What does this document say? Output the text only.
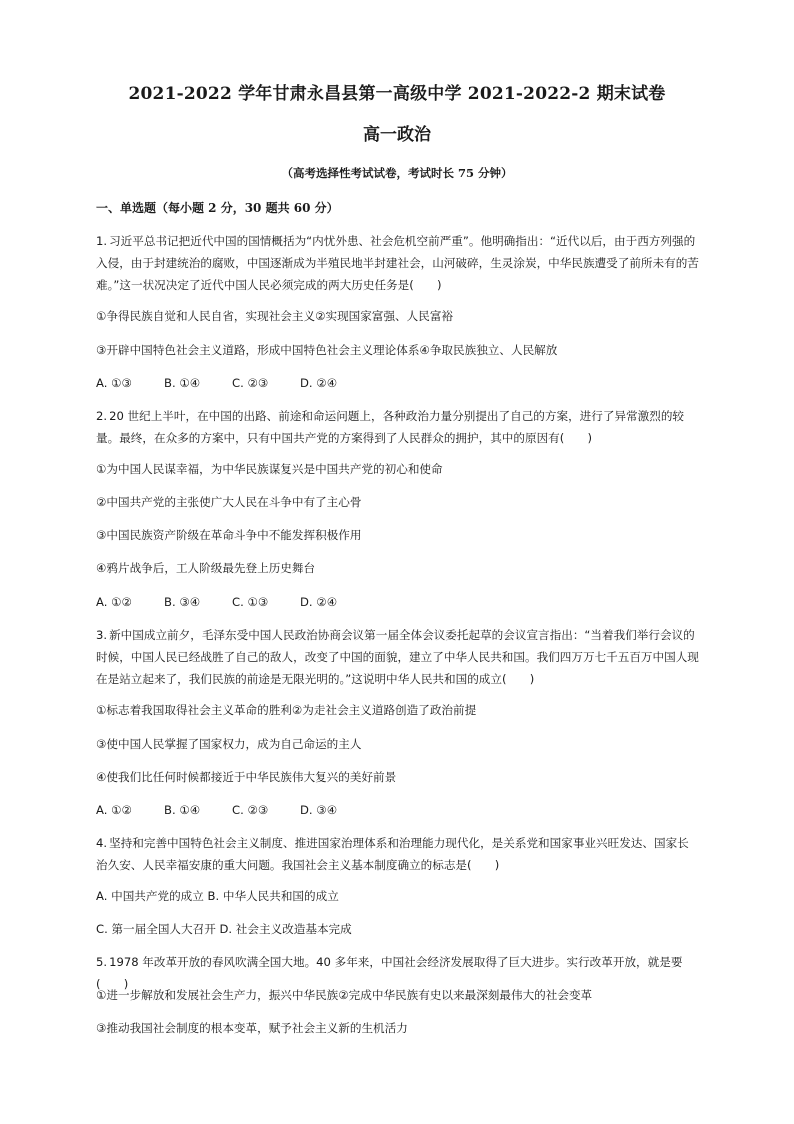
2021-2022 学年甘肃永昌县第一高级中学 2021-2022-2 期末试卷
高一政治
（高考选择性考试试卷，考试时长 75 分钟）
一、单选题（每小题 2 分，30 题共 60 分）

1. 习近平总书记把近代中国的国情概括为“内忧外患、社会危机空前严重”。他明确指出：“近代以后，由于西方列强的入侵，由于封建统治的腐败，中国逐渐成为半殖民地半封建社会，山河破碎，生灵涂炭，中华民族遭受了前所未有的苦难。”这一状况决定了近代中国人民必须完成的两大历史任务是(　　)

①争得民族自觉和人民自省，实现社会主义②实现国家富强、人民富裕
③开辟中国特色社会主义道路，形成中国特色社会主义理论体系④争取民族独立、人民解放
A. ①③	B. ①④	C. ②③	D. ②④

2. 20 世纪上半叶，在中国的出路、前途和命运问题上，各种政治力量分别提出了自己的方案，进行了异常激烈的较量。最终，在众多的方案中，只有中国共产党的方案得到了人民群众的拥护，其中的原因有(　　)

①为中国人民谋幸福，为中华民族谋复兴是中国共产党的初心和使命
②中国共产党的主张使广大人民在斗争中有了主心骨
③中国民族资产阶级在革命斗争中不能发挥积极作用
④鸦片战争后，工人阶级最先登上历史舞台
A. ①②	B. ③④	C. ①③	D. ②④

3. 新中国成立前夕，毛泽东受中国人民政治协商会议第一届全体会议委托起草的会议宣言指出：“当着我们举行会议的时候，中国人民已经战胜了自己的敌人，改变了中国的面貌，建立了中华人民共和国。我们四万万七千五百万中国人现在是站立起来了，我们民族的前途是无限光明的。”这说明中华人民共和国的成立(　　)

①标志着我国取得社会主义革命的胜利②为走社会主义道路创造了政治前提
③使中国人民掌握了国家权力，成为自己命运的主人
④使我们比任何时候都接近于中华民族伟大复兴的美好前景
A. ①②	B. ①④	C. ②③	D. ③④

4. 坚持和完善中国特色社会主义制度、推进国家治理体系和治理能力现代化，是关系党和国家事业兴旺发达、国家长治久安、人民幸福安康的重大问题。我国社会主义基本制度确立的标志是(　　)

A. 中国共产党的成立 B. 中华人民共和国的成立
C. 第一届全国人大召开 D. 社会主义改造基本完成

5. 1978 年改革开放的春风吹满全国大地。40 多年来，中国社会经济发展取得了巨大进步。实行改革开放，就是要(　　)

①进一步解放和发展社会生产力，振兴中华民族②完成中华民族有史以来最深刻最伟大的社会变革
③推动我国社会制度的根本变革，赋予社会主义新的生机活力
